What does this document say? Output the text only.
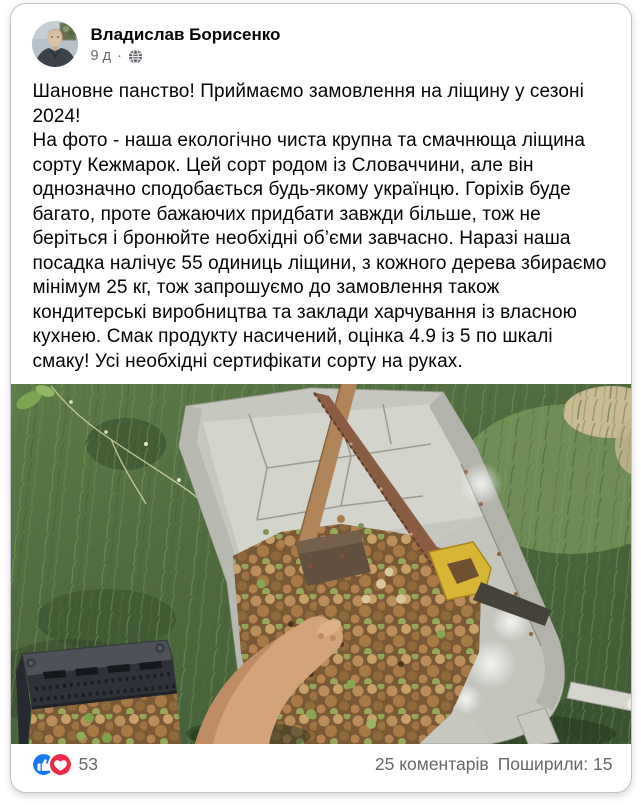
Владислав Борисенко
9 д ·

Шановне панство! Приймаємо замовлення на ліщину у сезоні 2024!

На фото - наша екологічно чиста крупна та смачнюща ліщина сорту Кежмарок. Цей сорт родом із Словаччини, але він однозначно сподобається будь-якому українцю. Горіхів буде багато, проте бажаючих придбати завжди більше, тож не беріться і бронюйте необхідні об’єми завчасно. Наразі наша посадка налічує 55 одиниць ліщини, з кожного дерева збираємо мінімум 25 кг, тож запрошуємо до замовлення також кондитерські виробництва та заклади харчування із власною кухнею. Смак продукту насичений, оцінка 4.9 із 5 по шкалі смаку! Усі необхідні сертифікати сорту на руках.

53	25 коментарів Поширили: 15
